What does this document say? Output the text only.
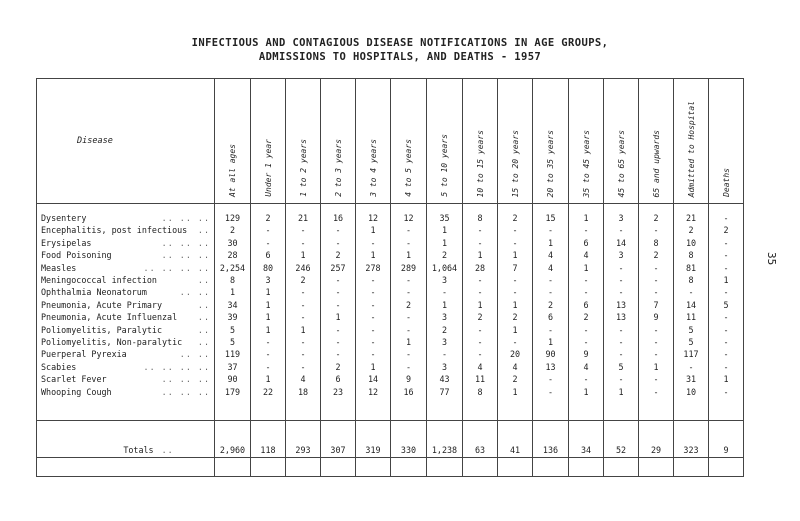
INFECTIOUS AND CONTAGIOUS DISEASE NOTIFICATIONS IN AGE GROUPS,
ADMISSIONS TO HOSPITALS, AND DEATHS - 1957
35
Disease	At all ages	Under 1 year	1 to 2 years	2 to 3 years	3 to 4 years	4 to 5 years	5 to 10 years	10 to 15 years	15 to 20 years	20 to 35 years	35 to 45 years	45 to 65 years	65 and upwards	Admitted to Hospital	Deaths

Dysentery .. .. ..	129	2	21	16	12	12	35	8	2	15	1	3	2	21	-
Encephalitis, post infectious ..	2	-	-	-	1	-	1	-	-	-	-	-	-	2	2
Erysipelas .. .. ..	30	-	-	-	-	-	1	-	-	1	6	14	8	10	-
Food Poisoning .. .. ..	28	6	1	2	1	1	2	1	1	4	4	3	2	8	-
Measles .. .. .. ..	2,254	80	246	257	278	289	1,064	28	7	4	1	-	-	81	-
Meningococcal infection ..	8	3	2	-	-	-	3	-	-	-	-	-	-	8	1
Ophthalmia Neonatorum .. ..	1	1	-	-	-	-	-	-	-	-	-	-	-	-	-
Pneumonia, Acute Primary ..	34	1	-	-	-	2	1	1	1	2	6	13	7	14	5
Pneumonia, Acute Influenzal ..	39	1	-	1	-	-	3	2	2	6	2	13	9	11	-
Poliomyelitis, Paralytic ..	5	1	1	-	-	-	2	-	1	-	-	-	-	5	-
Poliomyelitis, Non-paralytic ..	5	-	-	-	-	1	3	-	-	1	-	-	-	5	-
Puerperal Pyrexia .. ..	119	-	-	-	-	-	-	-	20	90	9	-	-	117	-
Scabies .. .. .. ..	37	-	-	2	1	-	3	4	4	13	4	5	1	-	-
Scarlet Fever .. .. ..	90	1	4	6	14	9	43	11	2	-	-	-	-	31	1
Whooping Cough .. .. ..	179	22	18	23	12	16	77	8	1	-	1	1	-	10	-

Totals ..	2,960	118	293	307	319	330	1,238	63	41	136	34	52	29	323	9
